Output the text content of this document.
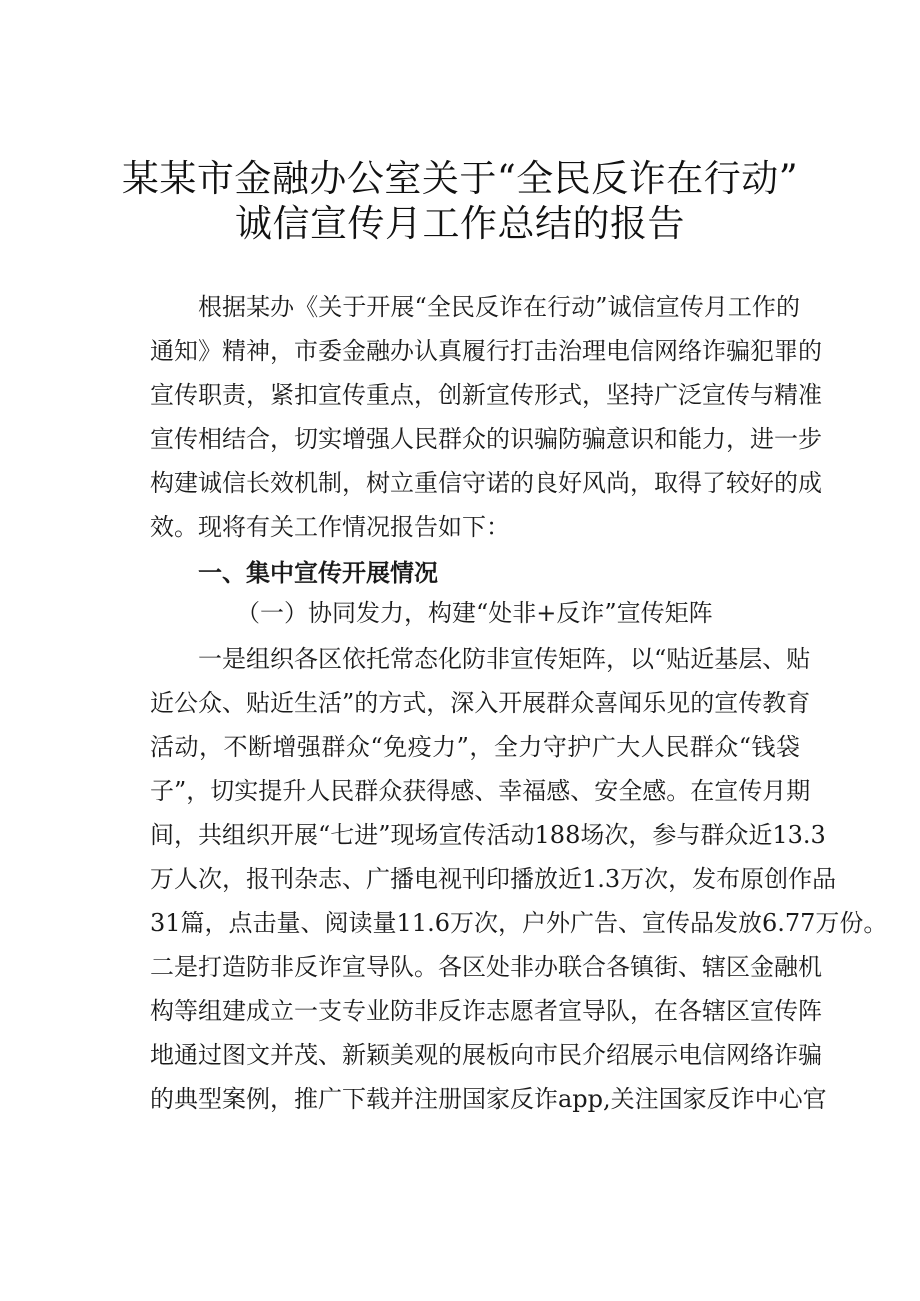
某某市金融办公室关于“全民反诈在行动”
诚信宣传月工作总结的报告
根据某办《关于开展“全民反诈在行动”诚信宣传月工作的
通知》精神，市委金融办认真履行打击治理电信网络诈骗犯罪的
宣传职责，紧扣宣传重点，创新宣传形式，坚持广泛宣传与精准
宣传相结合，切实增强人民群众的识骗防骗意识和能力，进一步
构建诚信长效机制，树立重信守诺的良好风尚，取得了较好的成
效。现将有关工作情况报告如下：
一、集中宣传开展情况
（一）协同发力，构建“处非+反诈”宣传矩阵
一是组织各区依托常态化防非宣传矩阵，以“贴近基层、贴
近公众、贴近生活”的方式，深入开展群众喜闻乐见的宣传教育
活动，不断增强群众“免疫力”，全力守护广大人民群众“钱袋
子”，切实提升人民群众获得感、幸福感、安全感。在宣传月期
间，共组织开展“七进”现场宣传活动188场次，参与群众近13.3
万人次，报刊杂志、广播电视刊印播放近1.3万次，发布原创作品
31篇，点击量、阅读量11.6万次，户外广告、宣传品发放6.77万份。
二是打造防非反诈宣导队。各区处非办联合各镇街、辖区金融机
构等组建成立一支专业防非反诈志愿者宣导队，在各辖区宣传阵
地通过图文并茂、新颖美观的展板向市民介绍展示电信网络诈骗
的典型案例，推广下载并注册国家反诈app,关注国家反诈中心官
